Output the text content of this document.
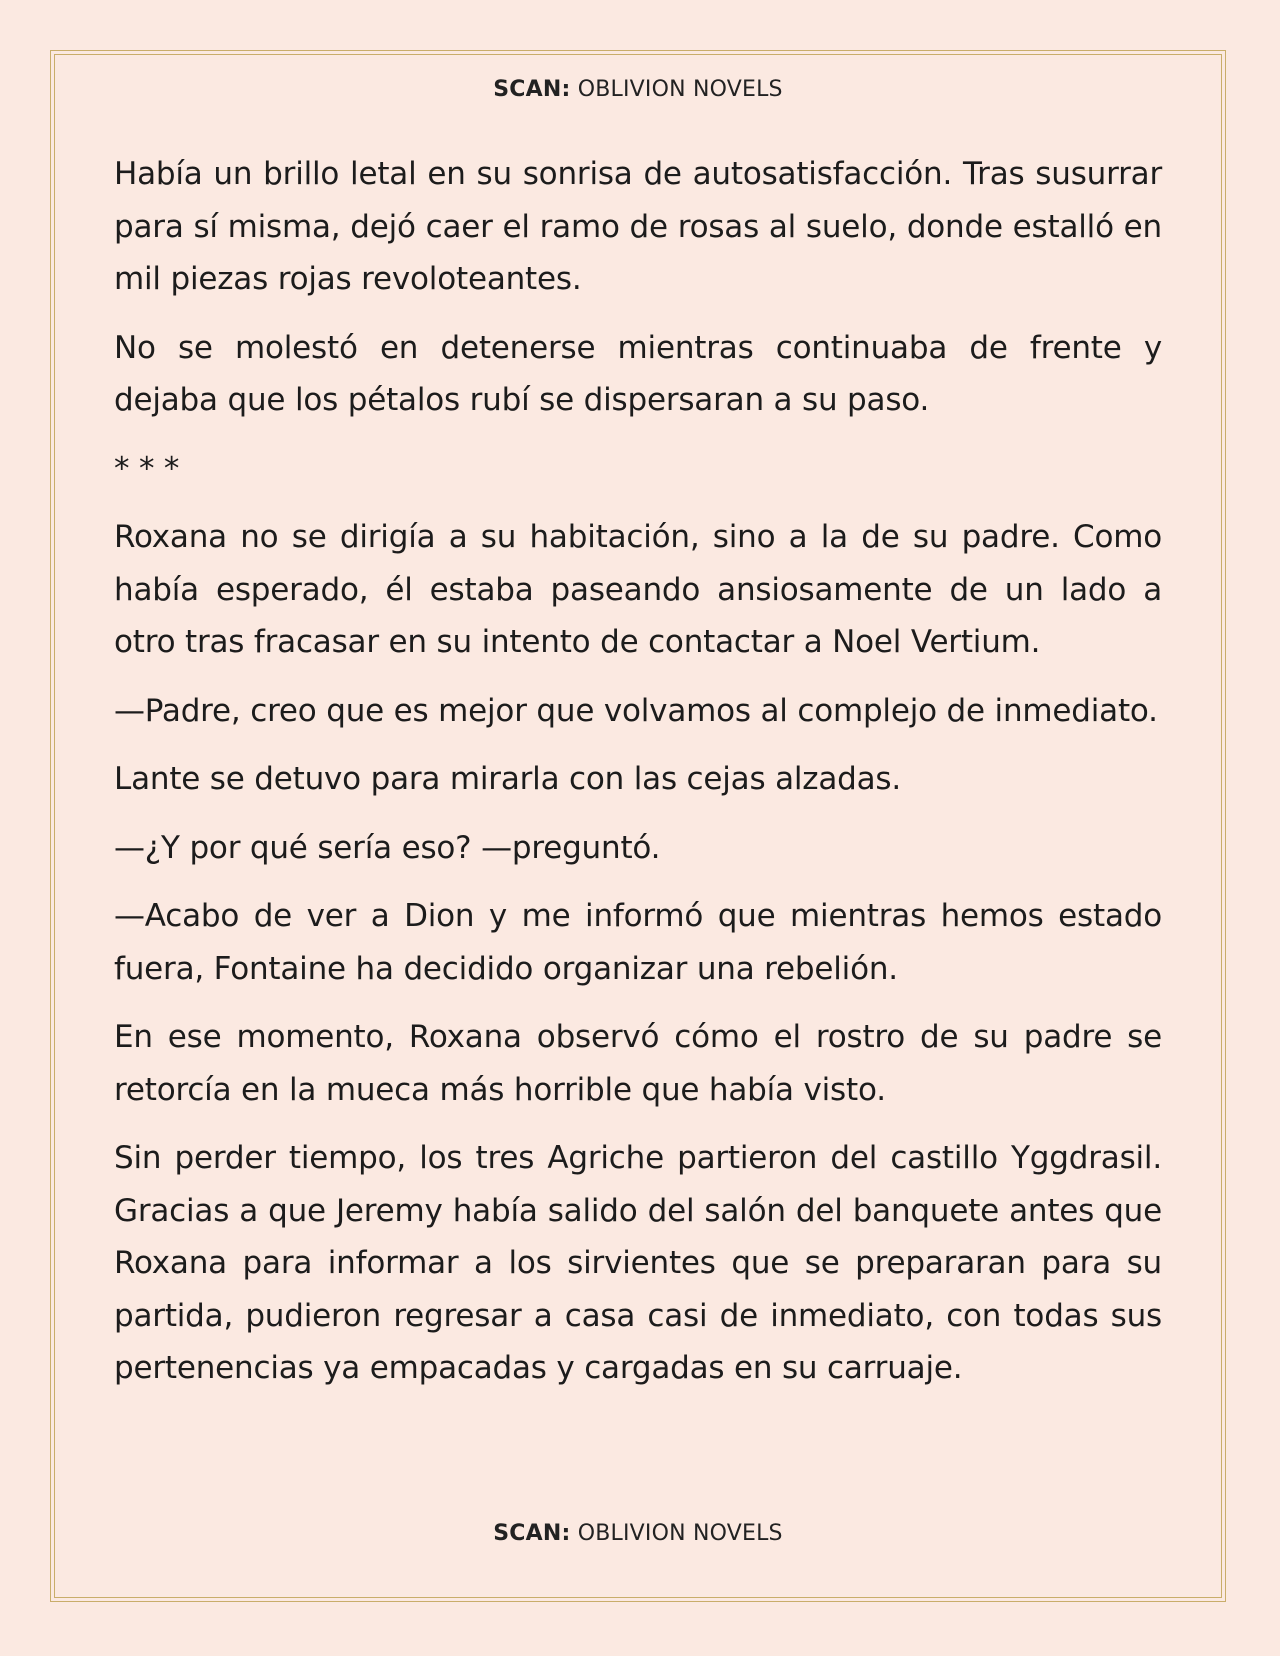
SCAN: OBLIVION NOVELS

Había un brillo letal en su sonrisa de autosatisfacción. Tras susurrar para sí misma, dejó caer el ramo de rosas al suelo, donde estalló en mil piezas rojas revoloteantes.

No se molestó en detenerse mientras continuaba de frente y dejaba que los pétalos rubí se dispersaran a su paso.

* * *

Roxana no se dirigía a su habitación, sino a la de su padre. Como había esperado, él estaba paseando ansiosamente de un lado a otro tras fracasar en su intento de contactar a Noel Vertium.

—Padre, creo que es mejor que volvamos al complejo de inmediato.

Lante se detuvo para mirarla con las cejas alzadas.

—¿Y por qué sería eso? —preguntó.

—Acabo de ver a Dion y me informó que mientras hemos estado fuera, Fontaine ha decidido organizar una rebelión.

En ese momento, Roxana observó cómo el rostro de su padre se retorcía en la mueca más horrible que había visto.

Sin perder tiempo, los tres Agriche partieron del castillo Yggdrasil. Gracias a que Jeremy había salido del salón del banquete antes que Roxana para informar a los sirvientes que se prepararan para su partida, pudieron regresar a casa casi de inmediato, con todas sus pertenencias ya empacadas y cargadas en su carruaje.

SCAN: OBLIVION NOVELS
